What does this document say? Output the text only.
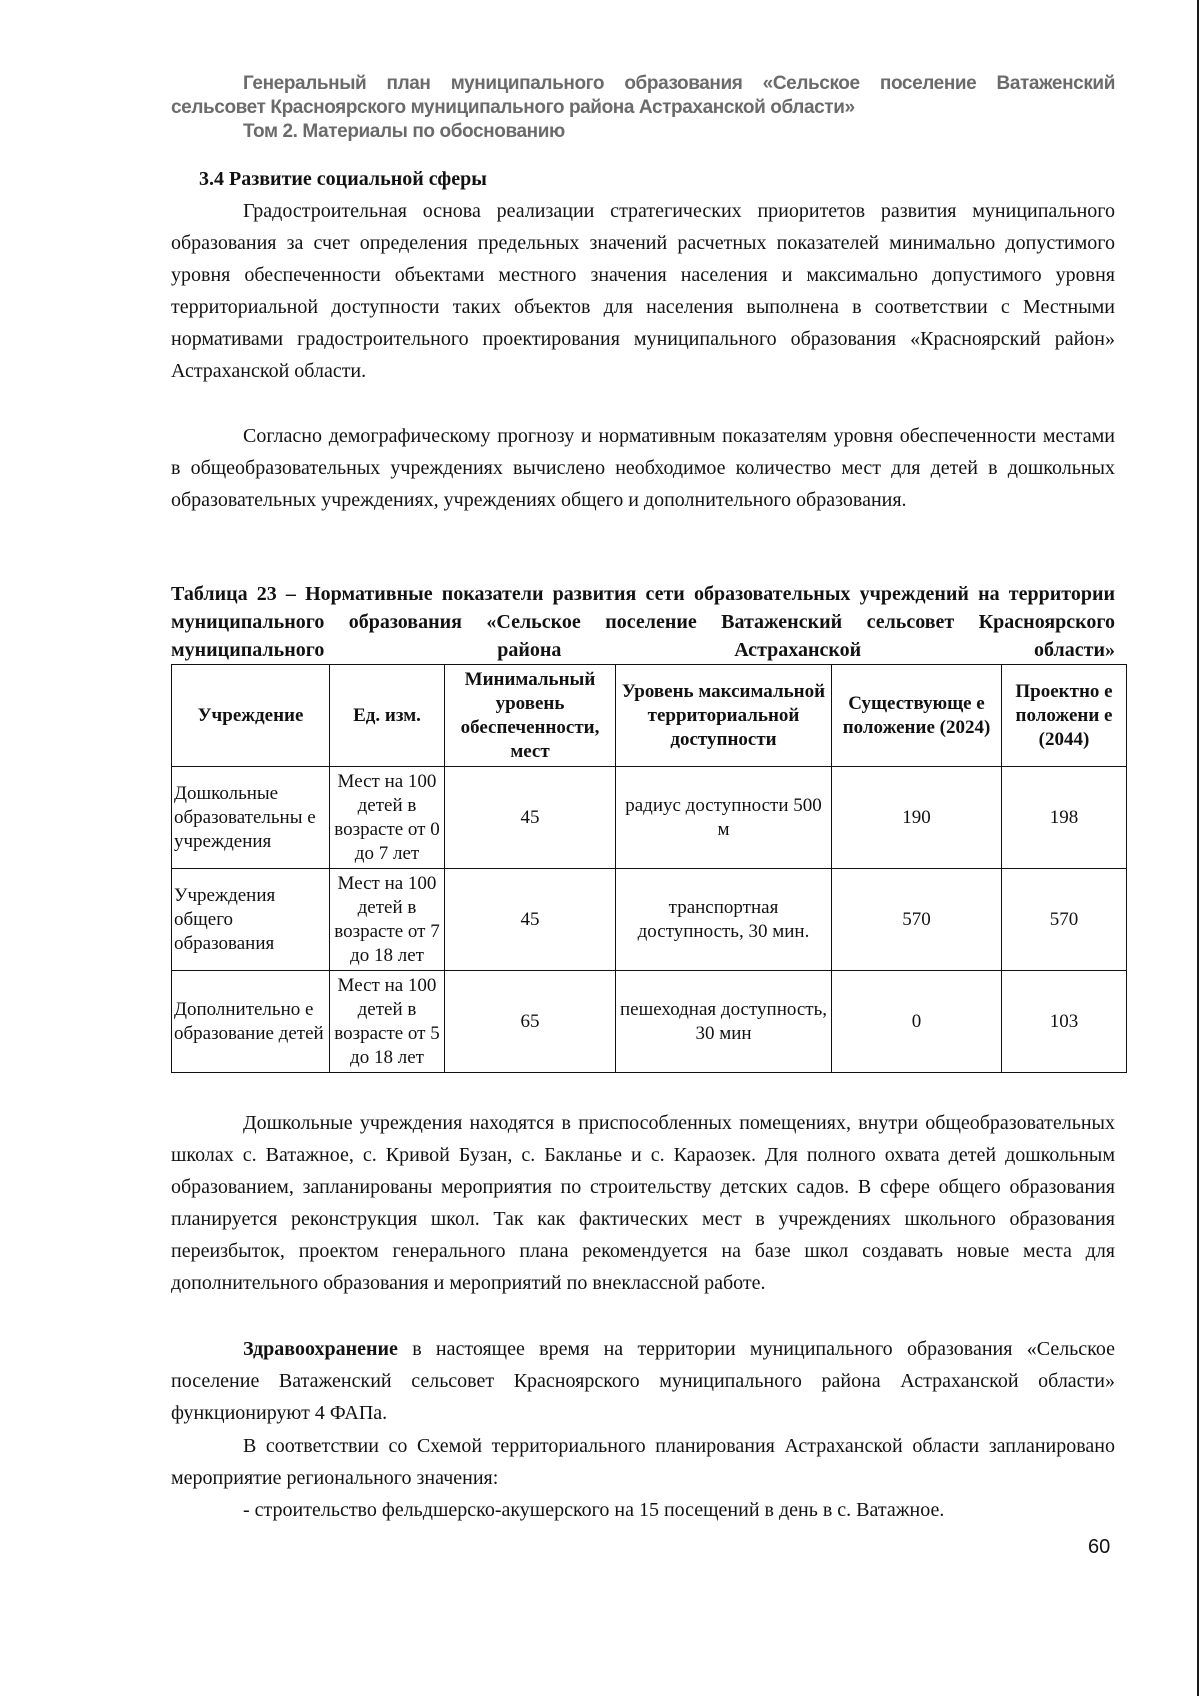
Генеральный план муниципального образования «Сельское поселение Ватаженский
сельсовет Красноярского муниципального района Астраханской области»
Том 2. Материалы по обоснованию
3.4 Развитие социальной сферы

Градостроительная основа реализации стратегических приоритетов развития муниципального образования за счет определения предельных значений расчетных показателей минимально допустимого уровня обеспеченности объектами местного значения населения и максимально допустимого уровня территориальной доступности таких объектов для населения выполнена в соответствии с Местными нормативами градостроительного проектирования муниципального образования «Красноярский район» Астраханской области.

Согласно демографическому прогнозу и нормативным показателям уровня обеспеченности местами в общеобразовательных учреждениях вычислено необходимое количество мест для детей в дошкольных образовательных учреждениях, учреждениях общего и дополнительного образования.

Таблица 23 – Нормативные показатели развития сети образовательных учреждений на территории муниципального образования «Сельское поселение Ватаженский сельсовет Красноярского муниципального района Астраханской области»

Учреждение	Ед. изм.	Минимальный уровень обеспеченности, мест	Уровень максимальной территориальной доступности	Существующе е положение (2024)	Проектно е положени е (2044)
Дошкольные образовательны е учреждения	Мест на 100 детей в возрасте от 0 до 7 лет	45	радиус доступности 500 м	190	198
Учреждения общего образования	Мест на 100 детей в возрасте от 7 до 18 лет	45	транспортная доступность, 30 мин.	570	570
Дополнительно е образование детей	Мест на 100 детей в возрасте от 5 до 18 лет	65	пешеходная доступность, 30 мин	0	103

Дошкольные учреждения находятся в приспособленных помещениях, внутри общеобразовательных школах с. Ватажное, с. Кривой Бузан, с. Бакланье и с. Караозек. Для полного охвата детей дошкольным образованием, запланированы мероприятия по строительству детских садов. В сфере общего образования планируется реконструкция школ. Так как фактических мест в учреждениях школьного образования переизбыток, проектом генерального плана рекомендуется на базе школ создавать новые места для дополнительного образования и мероприятий по внеклассной работе.

Здравоохранение в настоящее время на территории муниципального образования «Сельское поселение Ватаженский сельсовет Красноярского муниципального района Астраханской области» функционируют 4 ФАПа.

В соответствии со Схемой территориального планирования Астраханской области запланировано мероприятие регионального значения:

- строительство фельдшерско-акушерского на 15 посещений в день в с. Ватажное.

60
